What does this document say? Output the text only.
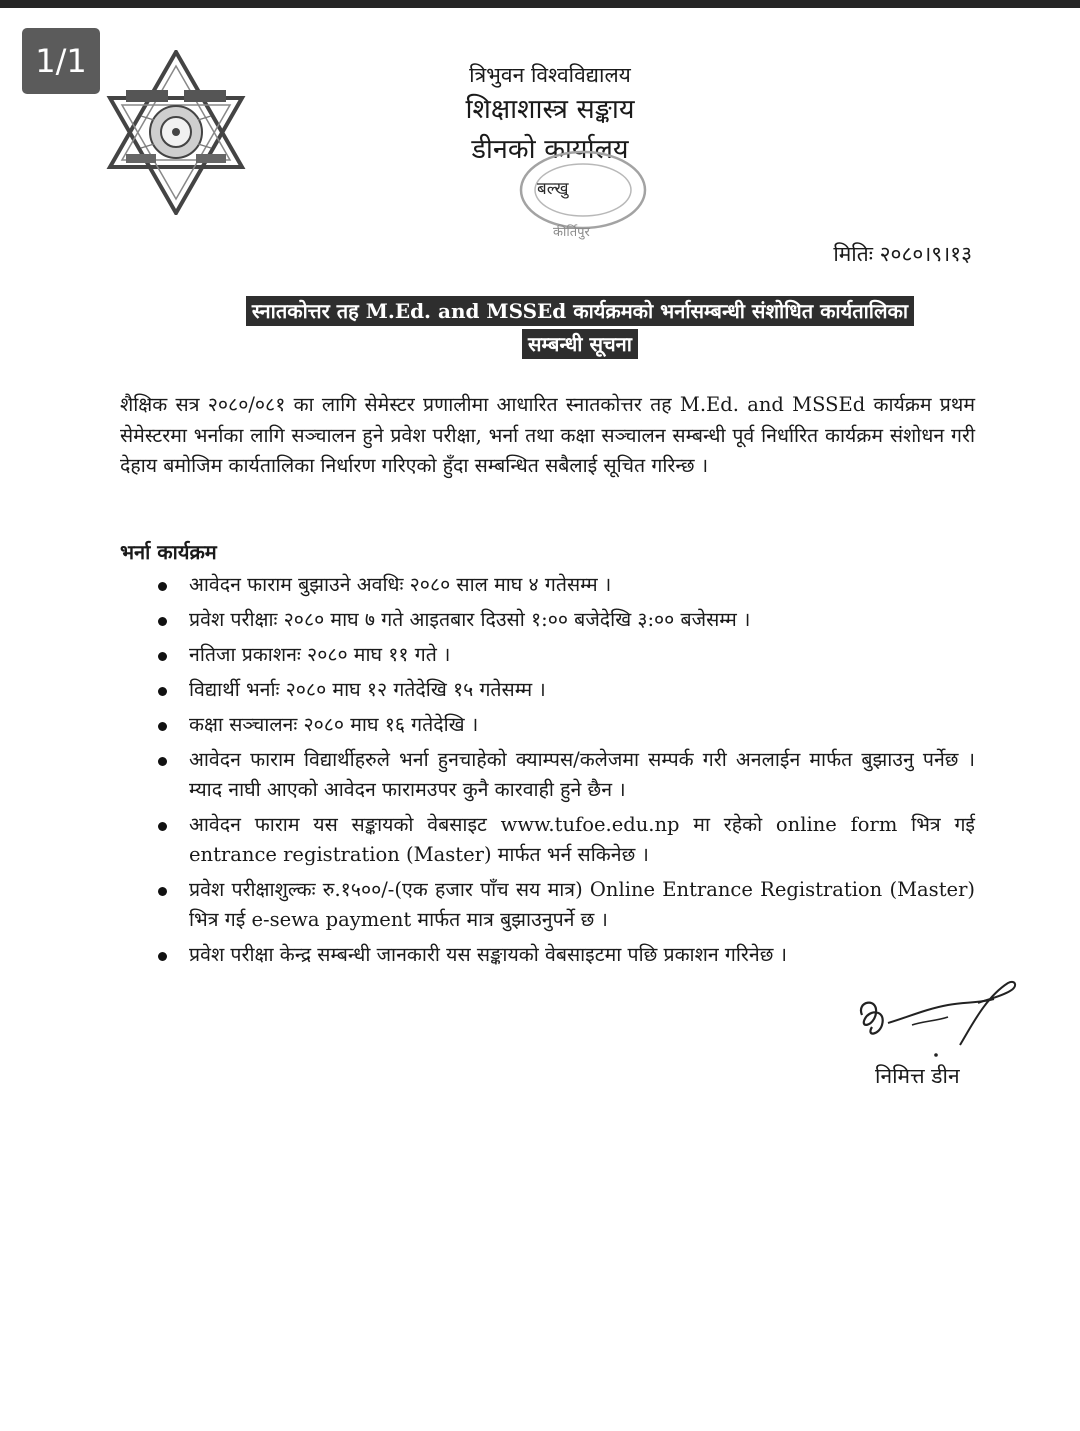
1/1	त्रिभुवन विश्वविद्यालय
शिक्षाशास्त्र सङ्काय
डीनको कार्यालय
बल्खु
कीर्तिपुर
मितिः २०८०।९।१३
स्नातकोत्तर तह M.Ed. and MSSEd कार्यक्रमको भर्नासम्बन्धी संशोधित कार्यतालिका
सम्बन्धी सूचना

शैक्षिक सत्र २०८०/०८१ का लागि सेमेस्टर प्रणालीमा आधारित स्नातकोत्तर तह M.Ed. and MSSEd कार्यक्रम प्रथम सेमेस्टरमा भर्नाका लागि सञ्चालन हुने प्रवेश परीक्षा, भर्ना तथा कक्षा सञ्चालन सम्बन्धी पूर्व निर्धारित कार्यक्रम संशोधन गरी देहाय बमोजिम कार्यतालिका निर्धारण गरिएको हुँदा सम्बन्धित सबैलाई सूचित गरिन्छ ।

भर्ना कार्यक्रम
आवेदन फाराम बुझाउने अवधिः २०८० साल माघ ४ गतेसम्म ।
प्रवेश परीक्षाः २०८० माघ ७ गते आइतबार दिउसो १:०० बजेदेखि ३:०० बजेसम्म ।
नतिजा प्रकाशनः २०८० माघ ११ गते ।
विद्यार्थी भर्नाः २०८० माघ १२ गतेदेखि १५ गतेसम्म ।
कक्षा सञ्चालनः २०८० माघ १६ गतेदेखि ।
आवेदन फाराम विद्यार्थीहरुले भर्ना हुनचाहेको क्याम्पस/कलेजमा सम्पर्क गरी अनलाईन मार्फत बुझाउनु पर्नेछ । म्याद नाघी आएको आवेदन फारामउपर कुनै कारवाही हुने छैन ।
आवेदन फाराम यस सङ्कायको वेबसाइट www.tufoe.edu.np मा रहेको online form भित्र गई entrance registration (Master) मार्फत भर्न सकिनेछ ।
प्रवेश परीक्षाशुल्कः रु.१५००/-(एक हजार पाँच सय मात्र) Online Entrance Registration (Master) भित्र गई e-sewa payment मार्फत मात्र बुझाउनुपर्ने छ ।
प्रवेश परीक्षा केन्द्र सम्बन्धी जानकारी यस सङ्कायको वेबसाइटमा पछि प्रकाशन गरिनेछ ।
निमित्त डीन
